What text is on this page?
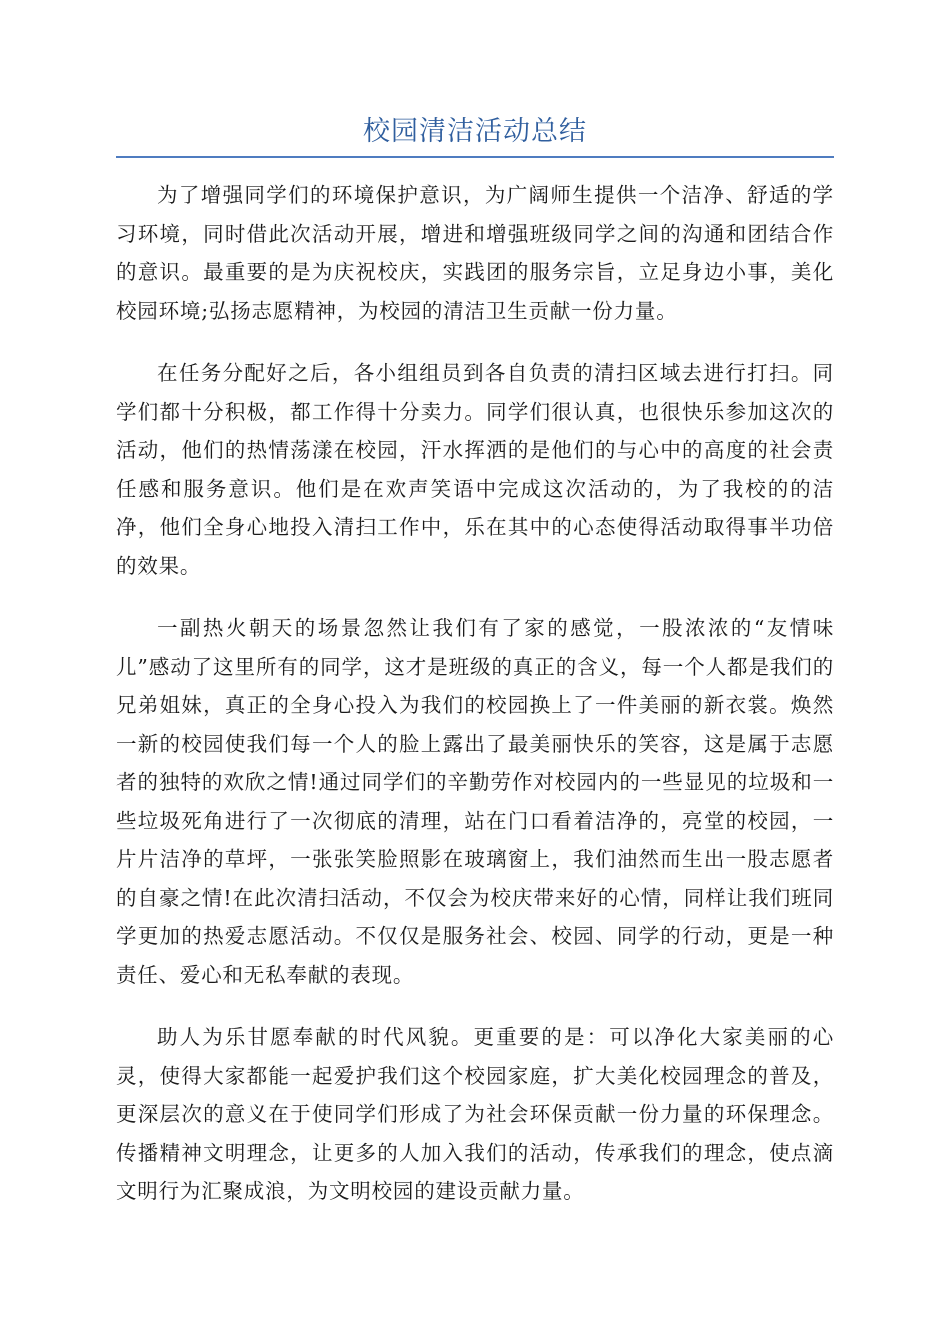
校园清洁活动总结

为了增强同学们的环境保护意识，为广阔师生提供一个洁净、舒适的学习环境，同时借此次活动开展，增进和增强班级同学之间的沟通和团结合作的意识。最重要的是为庆祝校庆，实践团的服务宗旨，立足身边小事，美化校园环境;弘扬志愿精神，为校园的清洁卫生贡献一份力量。

在任务分配好之后，各小组组员到各自负责的清扫区域去进行打扫。同学们都十分积极，都工作得十分卖力。同学们很认真，也很快乐参加这次的活动，他们的热情荡漾在校园，汗水挥洒的是他们的与心中的高度的社会责任感和服务意识。他们是在欢声笑语中完成这次活动的，为了我校的的洁净，他们全身心地投入清扫工作中，乐在其中的心态使得活动取得事半功倍的效果。

一副热火朝天的场景忽然让我们有了家的感觉，一股浓浓的“友情味儿”感动了这里所有的同学，这才是班级的真正的含义，每一个人都是我们的兄弟姐妹，真正的全身心投入为我们的校园换上了一件美丽的新衣裳。焕然一新的校园使我们每一个人的脸上露出了最美丽快乐的笑容，这是属于志愿者的独特的欢欣之情!通过同学们的辛勤劳作对校园内的一些显见的垃圾和一些垃圾死角进行了一次彻底的清理，站在门口看着洁净的，亮堂的校园，一片片洁净的草坪，一张张笑脸照影在玻璃窗上，我们油然而生出一股志愿者的自豪之情!在此次清扫活动，不仅会为校庆带来好的心情，同样让我们班同学更加的热爱志愿活动。不仅仅是服务社会、校园、同学的行动，更是一种责任、爱心和无私奉献的表现。

助人为乐甘愿奉献的时代风貌。更重要的是：可以净化大家美丽的心灵，使得大家都能一起爱护我们这个校园家庭，扩大美化校园理念的普及，更深层次的意义在于使同学们形成了为社会环保贡献一份力量的环保理念。传播精神文明理念，让更多的人加入我们的活动，传承我们的理念，使点滴文明行为汇聚成浪，为文明校园的建设贡献力量。
